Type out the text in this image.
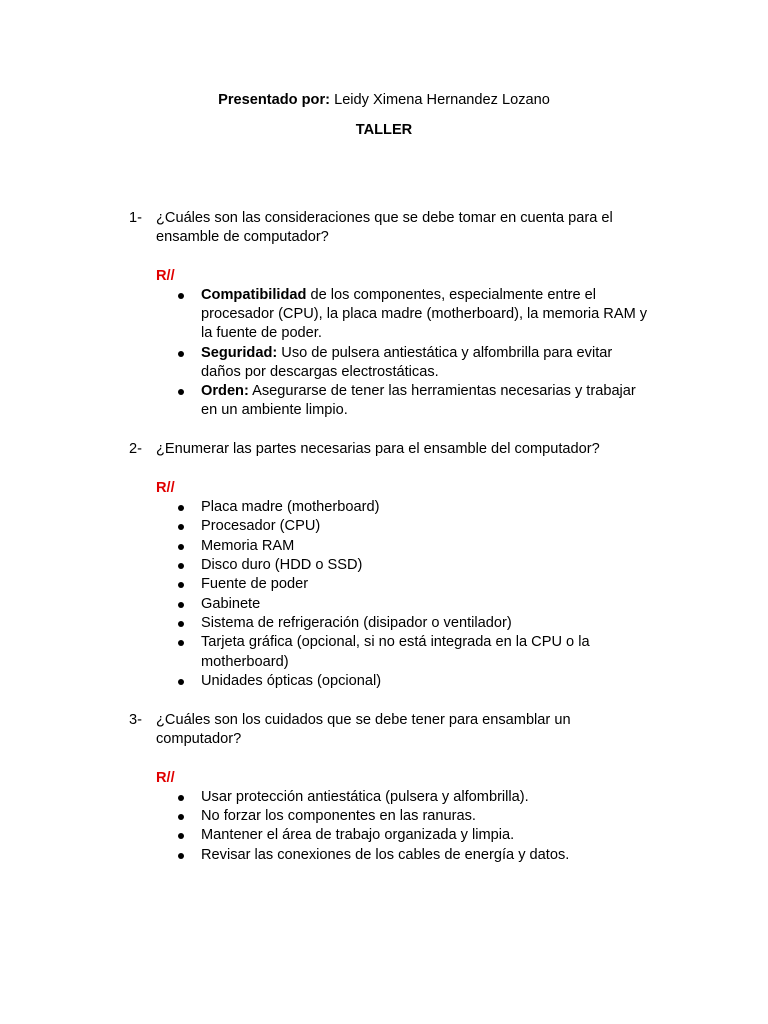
Presentado por: Leidy Ximena Hernandez Lozano
TALLER
1- ¿Cuáles son las consideraciones que se debe tomar en cuenta para el
ensamble de computador?
R//
Compatibilidad de los componentes, especialmente entre el
procesador (CPU), la placa madre (motherboard), la memoria RAM y
la fuente de poder.
Seguridad: Uso de pulsera antiestática y alfombrilla para evitar
daños por descargas electrostáticas.
Orden: Asegurarse de tener las herramientas necesarias y trabajar
en un ambiente limpio.
2- ¿Enumerar las partes necesarias para el ensamble del computador?
R//
Placa madre (motherboard)
Procesador (CPU)
Memoria RAM
Disco duro (HDD o SSD)
Fuente de poder
Gabinete
Sistema de refrigeración (disipador o ventilador)
Tarjeta gráfica (opcional, si no está integrada en la CPU o la
motherboard)
Unidades ópticas (opcional)
3- ¿Cuáles son los cuidados que se debe tener para ensamblar un
computador?
R//
Usar protección antiestática (pulsera y alfombrilla).
No forzar los componentes en las ranuras.
Mantener el área de trabajo organizada y limpia.
Revisar las conexiones de los cables de energía y datos.
